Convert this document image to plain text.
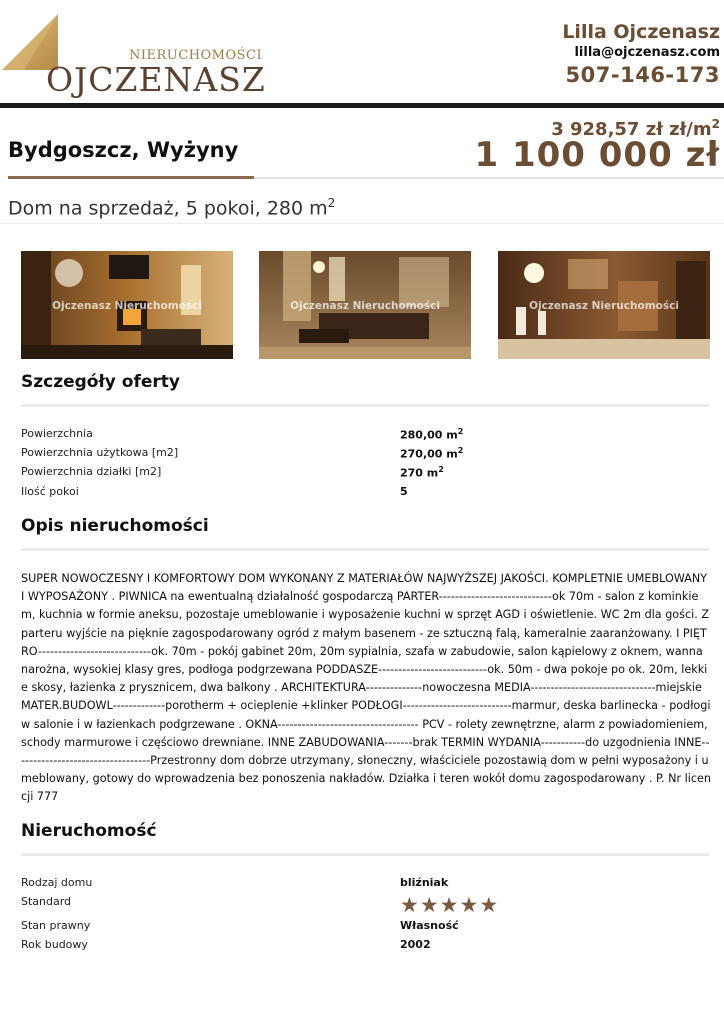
NIERUCHOMOŚCI
OJCZENASZ
Lilla Ojczenasz
lilla@ojczenasz.com
507-146-173
Bydgoszcz, Wyżyny
3 928,57 zł $zł/m^2$
1 100 000 zł
Dom na sprzedaż, 5 pokoi, 280 $m^2$
Ojczenasz Nieruchomości	Ojczenasz Nieruchomości	Ojczenasz Nieruchomości
Szczegóły oferty
Powierzchnia	280,00 $m^2$
Powierzchnia użytkowa [m2]	270,00 $m^2$
Powierzchnia działki [m2]	270 $m^2$
Ilość pokoi	5
Opis nieruchomości
SUPER NOWOCZESNY I KOMFORTOWY DOM WYKONANY Z MATERIAŁÓW NAJWYŻSZEJ JAKOŚCI. KOMPLETNIE UMEBLOWANY I WYPOSAŻONY . PIWNICA na ewentualną działalność gospodarczą PARTER----------------------------ok 70m - salon z kominkiem, kuchnia w formie aneksu, pozostaje umeblowanie i wyposażenie kuchni w sprzęt AGD i oświetlenie. WC 2m dla gości. Z parteru wyjście na pięknie zagospodarowany ogród z małym basenem - ze sztuczną falą, kameralnie zaaranżowany. I PIĘTRO----------------------------ok. 70m - pokój gabinet 20m, 20m sypialnia, szafa w zabudowie, salon kąpielowy z oknem, wanna narożna, wysokiej klasy gres, podłoga podgrzewana PODDASZE---------------------------ok. 50m - dwa pokoje po ok. 20m, lekkie skosy, łazienka z prysznicem, dwa balkony . ARCHITEKTURA--------------nowoczesna MEDIA-------------------------------miejskie MATER.BUDOWL-------------porotherm + ocieplenie +klinker PODŁOGI---------------------------marmur, deska barlinecka - podłogi w salonie i w łazienkach podgrzewane . OKNA----------------------------------- PCV - rolety zewnętrzne, alarm z powiadomieniem, schody marmurowe i częściowo drewniane. INNE ZABUDOWANIA-------brak TERMIN WYDANIA-----------do uzgodnienia INNE----------------------------------Przestronny dom dobrze utrzymany, słoneczny, właściciele pozostawią dom w pełni wyposażony i umeblowany, gotowy do wprowadzenia bez ponoszenia nakładów. Działka i teren wokół domu zagospodarowany . P. Nr licencji 777
Nieruchomość
Rodzaj domu	bliźniak
Standard	★ ★ ★ ★ ★
Stan prawny	Własność
Rok budowy	2002
